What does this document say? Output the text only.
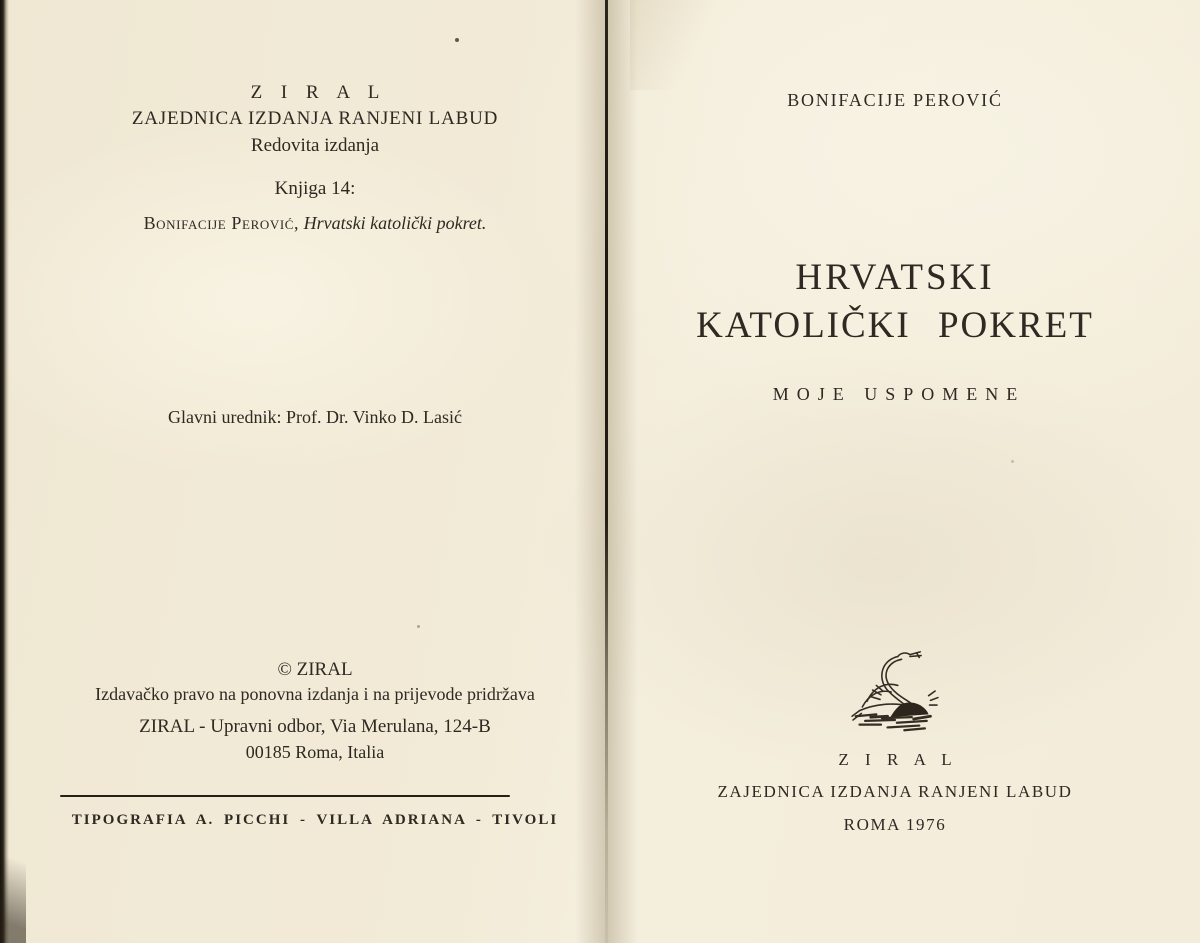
Z I R A L
ZAJEDNICA IZDANJA RANJENI LABUD
Redovita izdanja
Knjiga 14:
Bonifacije Perović, Hrvatski katolički pokret.
Glavni urednik: Prof. Dr. Vinko D. Lasić
© ZIRAL
Izdavačko pravo na ponovna izdanja i na prijevode pridržava
ZIRAL - Upravni odbor, Via Merulana, 124-B
00185 Roma, Italia
TIPOGRAFIA A. PICCHI - VILLA ADRIANA - TIVOLI
BONIFACIJE PEROVIĆ
HRVATSKI
KATOLIČKI POKRET
MOJE USPOMENE
Z I R A L
ZAJEDNICA IZDANJA RANJENI LABUD
ROMA 1976
